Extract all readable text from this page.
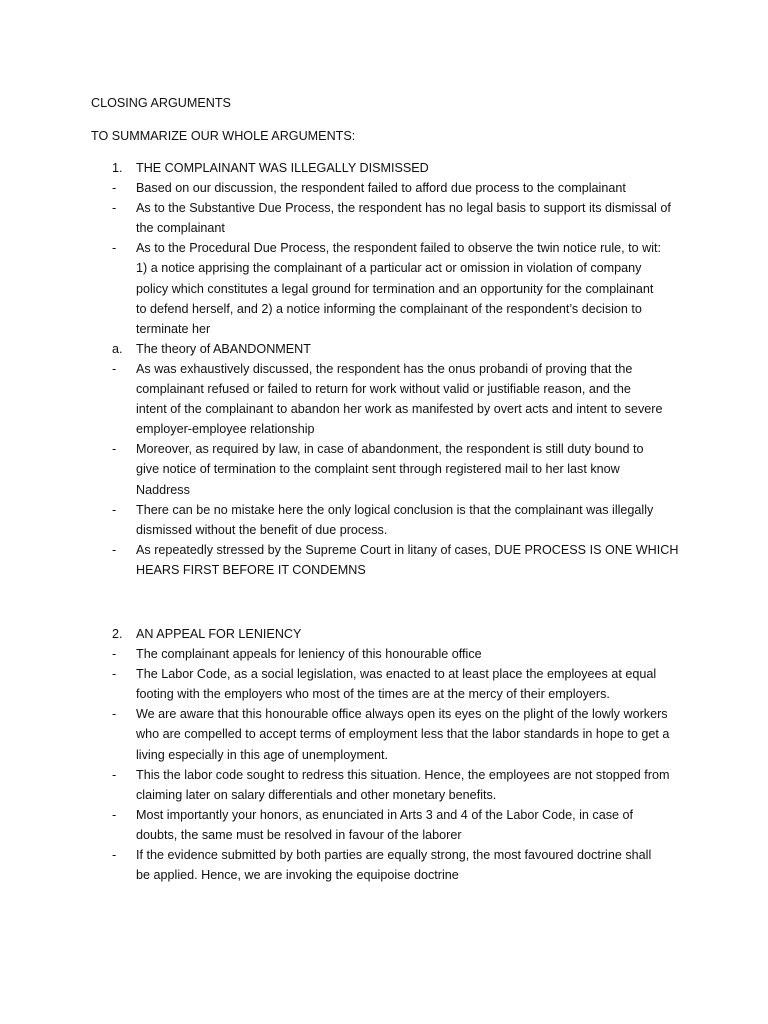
CLOSING ARGUMENTS
TO SUMMARIZE OUR WHOLE ARGUMENTS:
1.	THE COMPLAINANT WAS ILLEGALLY DISMISSED
-	Based on our discussion, the respondent failed to afford due process to the complainant
-	As to the Substantive Due Process, the respondent has no legal basis to support its dismissal of
the complainant
-	As to the Procedural Due Process, the respondent failed to observe the twin notice rule, to wit:
1) a notice apprising the complainant of a particular act or omission in violation of company
policy which constitutes a legal ground for termination and an opportunity for the complainant
to defend herself, and 2) a notice informing the complainant of the respondent’s decision to
terminate her
a.	The theory of ABANDONMENT
-	As was exhaustively discussed, the respondent has the onus probandi of proving that the
complainant refused or failed to return for work without valid or justifiable reason, and the
intent of the complainant to abandon her work as manifested by overt acts and intent to severe
employer-employee relationship
-	Moreover, as required by law, in case of abandonment, the respondent is still duty bound to
give notice of termination to the complaint sent through registered mail to her last know
Naddress
-	There can be no mistake here the only logical conclusion is that the complainant was illegally
dismissed without the benefit of due process.
-	As repeatedly stressed by the Supreme Court in litany of cases, DUE PROCESS IS ONE WHICH
HEARS FIRST BEFORE IT CONDEMNS
2.	AN APPEAL FOR LENIENCY
-	The complainant appeals for leniency of this honourable office
-	The Labor Code, as a social legislation, was enacted to at least place the employees at equal
footing with the employers who most of the times are at the mercy of their employers.
-	We are aware that this honourable office always open its eyes on the plight of the lowly workers
who are compelled to accept terms of employment less that the labor standards in hope to get a
living especially in this age of unemployment.
-	This the labor code sought to redress this situation. Hence, the employees are not stopped from
claiming later on salary differentials and other monetary benefits.
-	Most importantly your honors, as enunciated in Arts 3 and 4 of the Labor Code, in case of
doubts, the same must be resolved in favour of the laborer
-	If the evidence submitted by both parties are equally strong, the most favoured doctrine shall
be applied. Hence, we are invoking the equipoise doctrine
